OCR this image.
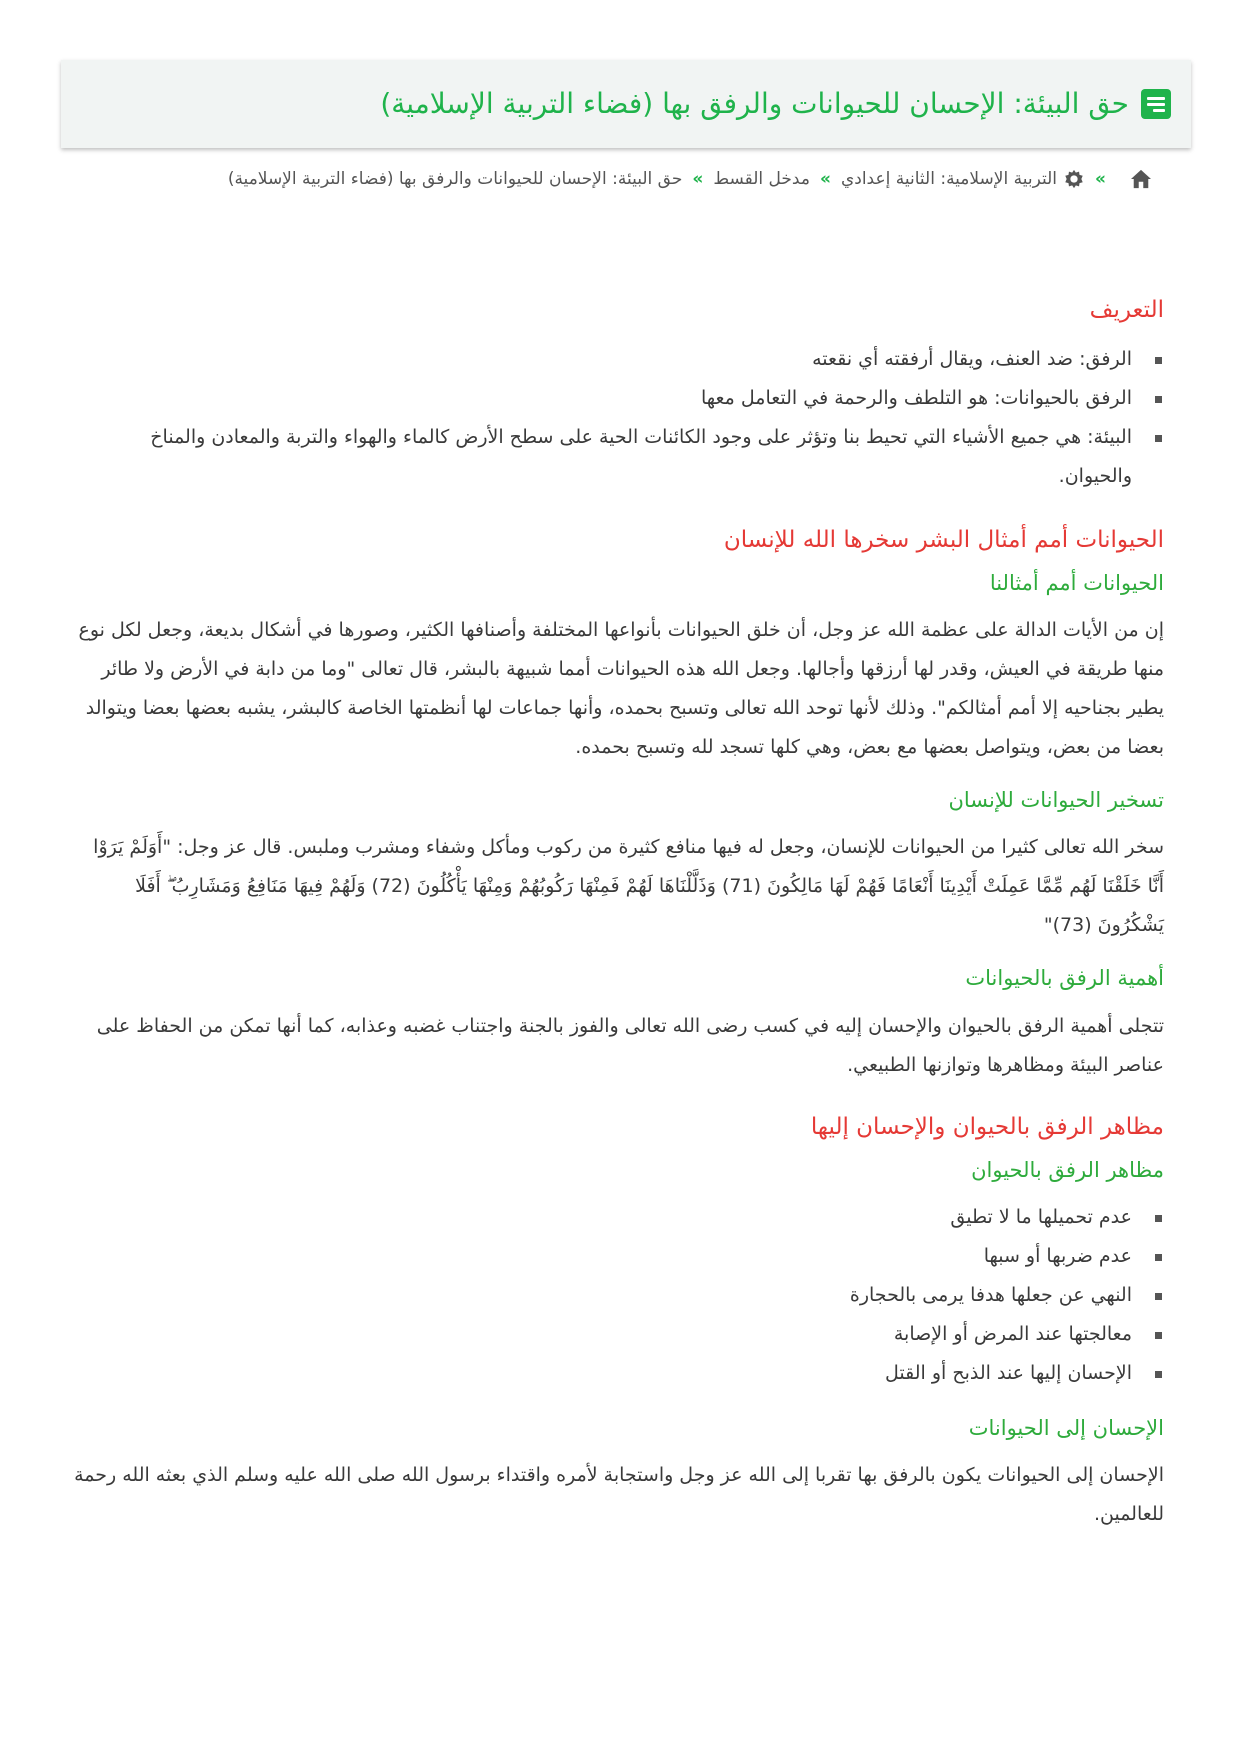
حق البيئة: الإحسان للحيوانات والرفق بها (فضاء التربية الإسلامية)
»
التربية الإسلامية: الثانية إعدادي
»
مدخل القسط
»
حق البيئة: الإحسان للحيوانات والرفق بها (فضاء التربية الإسلامية)
التعريف
الرفق: ضد العنف، ويقال أرفقته أي نقعته
الرفق بالحيوانات: هو التلطف والرحمة في التعامل معها
البيئة: هي جميع الأشياء التي تحيط بنا وتؤثر على وجود الكائنات الحية على سطح الأرض كالماء والهواء والتربة والمعادن والمناخ والحيوان.
الحيوانات أمم أمثال البشر سخرها الله للإنسان
الحيوانات أمم أمثالنا

إن من الأيات الدالة على عظمة الله عز وجل، أن خلق الحيوانات بأنواعها المختلفة وأصنافها الكثير، وصورها في أشكال بديعة، وجعل لكل نوع منها طريقة في العيش، وقدر لها أرزقها وأجالها. وجعل الله هذه الحيوانات أمما شبيهة بالبشر، قال تعالى "وما من دابة في الأرض ولا طائر يطير بجناحيه إلا أمم أمثالكم". وذلك لأنها توحد الله تعالى وتسبح بحمده، وأنها جماعات لها أنظمتها الخاصة كالبشر، يشبه بعضها بعضا ويتوالد بعضا من بعض، ويتواصل بعضها مع بعض، وهي كلها تسجد لله وتسبح بحمده.

تسخير الحيوانات للإنسان

سخر الله تعالى كثيرا من الحيوانات للإنسان، وجعل له فيها منافع كثيرة من ركوب ومأكل وشفاء ومشرب وملبس. قال عز وجل: "أَوَلَمْ يَرَوْا أَنَّا خَلَقْنَا لَهُم مِّمَّا عَمِلَتْ أَيْدِينَا أَنْعَامًا فَهُمْ لَهَا مَالِكُونَ (71) وَذَلَّلْنَاهَا لَهُمْ فَمِنْهَا رَكُوبُهُمْ وَمِنْهَا يَأْكُلُونَ (72) وَلَهُمْ فِيهَا مَنَافِعُ وَمَشَارِبُ ۖ أَفَلَا يَشْكُرُونَ (73)"

أهمية الرفق بالحيوانات

تتجلى أهمية الرفق بالحيوان والإحسان إليه في كسب رضى الله تعالى والفوز بالجنة واجتناب غضبه وعذابه، كما أنها تمكن من الحفاظ على عناصر البيئة ومظاهرها وتوازنها الطبيعي.

مظاهر الرفق بالحيوان والإحسان إليها
مظاهر الرفق بالحيوان
عدم تحميلها ما لا تطيق
عدم ضربها أو سبها
النهي عن جعلها هدفا يرمى بالحجارة
معالجتها عند المرض أو الإصابة
الإحسان إليها عند الذبح أو القتل
الإحسان إلى الحيوانات

الإحسان إلى الحيوانات يكون بالرفق بها تقربا إلى الله عز وجل واستجابة لأمره واقتداء برسول الله صلى الله عليه وسلم الذي بعثه الله رحمة للعالمين.
